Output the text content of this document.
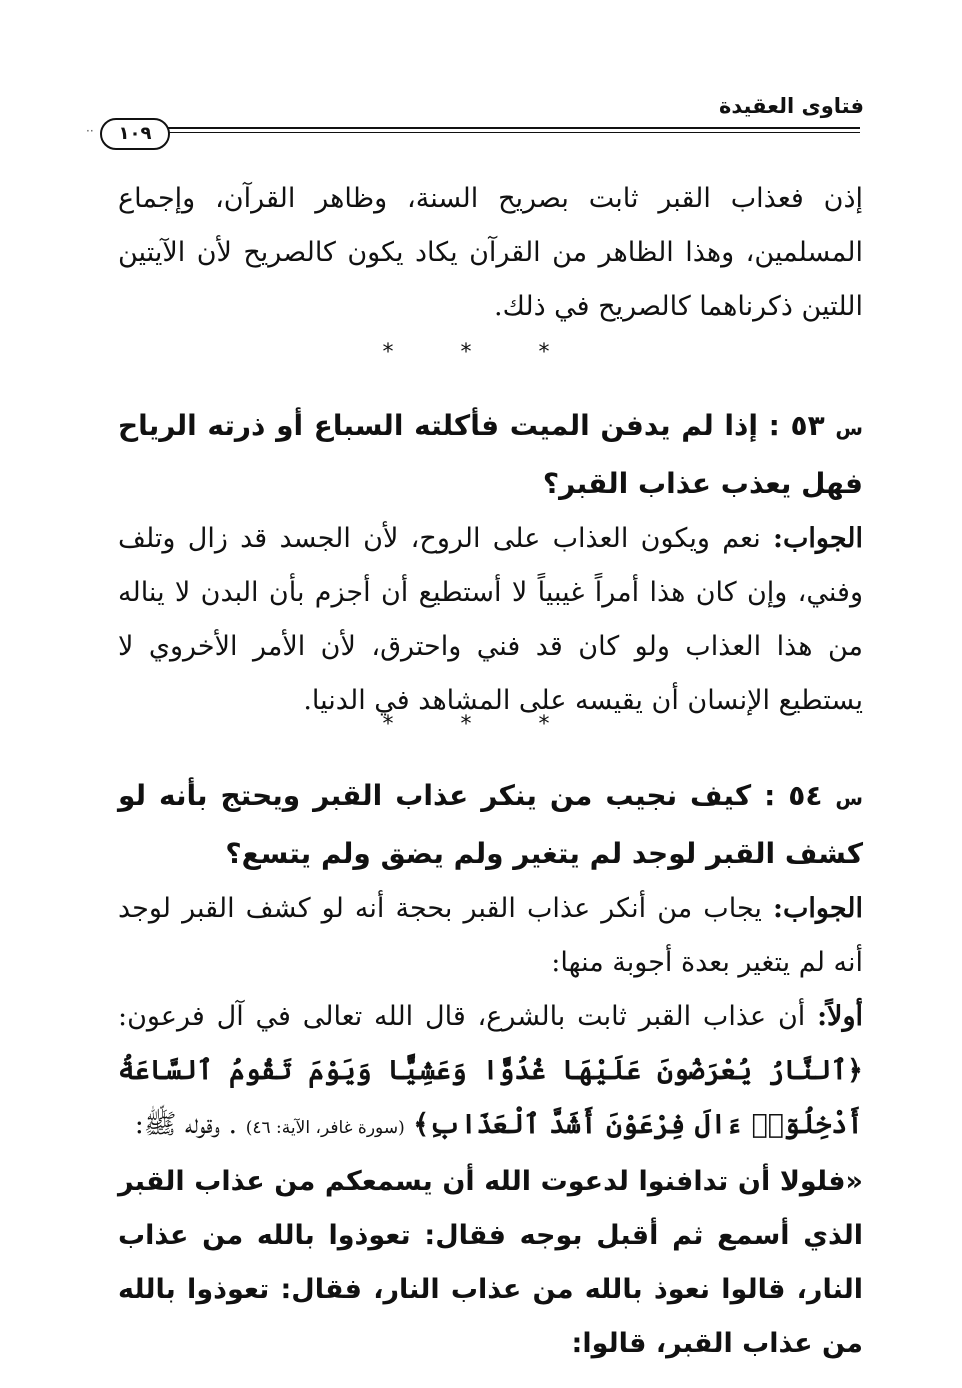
فتاوى العقيدة
··	١٠٩

إذن فعذاب القبر ثابت بصريح السنة، وظاهر القرآن، وإجماع المسلمين، وهذا الظاهر من القرآن يكاد يكون كالصريح لأن الآيتين اللتين ذكرناهما كالصريح في ذلك.

* * *

س ٥٣ : إذا لم يدفن الميت فأكلته السباع أو ذرته الرياح فهل يعذب عذاب القبر؟

الجواب: نعم ويكون العذاب على الروح، لأن الجسد قد زال وتلف وفني، وإن كان هذا أمراً غيبياً لا أستطيع أن أجزم بأن البدن لا يناله من هذا العذاب ولو كان قد فني واحترق، لأن الأمر الأخروي لا يستطيع الإنسان أن يقيسه على المشاهد في الدنيا.

* * *

س ٥٤ : كيف نجيب من ينكر عذاب القبر ويحتج بأنه لو كشف القبر لوجد لم يتغير ولم يضق ولم يتسع؟

الجواب: يجاب من أنكر عذاب القبر بحجة أنه لو كشف القبر لوجد أنه لم يتغير بعدة أجوبة منها:

أولاً: أن عذاب القبر ثابت بالشرع، قال الله تعالى في آل فرعون: ﴿ٱلنَّارُ يُعْرَضُونَ عَلَيْهَا غُدُوًّا وَعَشِيًّا وَيَوْمَ تَقُومُ ٱلسَّاعَةُ أَدْخِلُوٓا۟ ءَالَ فِرْعَوْنَ أَشَدَّ ٱلْعَذَابِ﴾ (سورة غافر، الآية: ٤٦) . وقوله ﷺ:

«فلولا أن تدافنوا لدعوت الله أن يسمعكم من عذاب القبر الذي أسمع ثم أقبل بوجه فقال: تعوذوا بالله من عذاب النار، قالوا نعوذ بالله من عذاب النار، فقال: تعوذوا بالله من عذاب القبر، قالوا:
